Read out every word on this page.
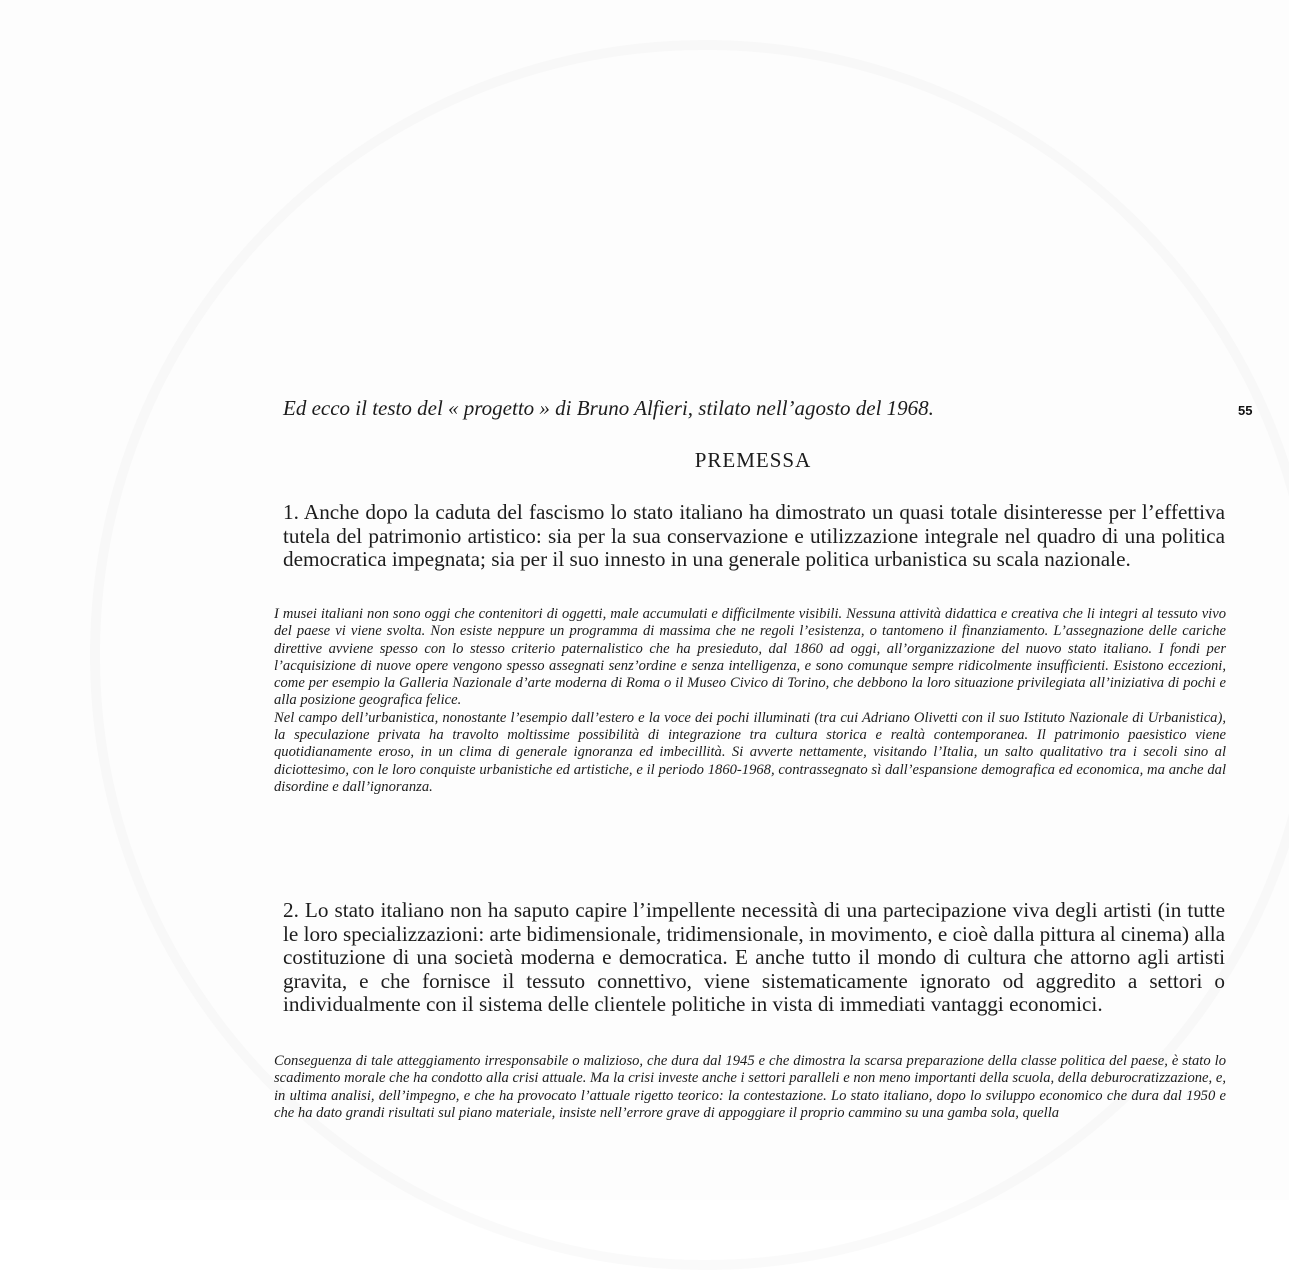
55
Ed ecco il testo del « progetto » di Bruno Alfieri, stilato nell’agosto del 1968.
PREMESSA

1. Anche dopo la caduta del fascismo lo stato italiano ha dimostrato un quasi totale disinteresse per l’effettiva tutela del patrimonio artistico: sia per la sua conservazione e utilizzazione integrale nel quadro di una politica democratica impegnata; sia per il suo innesto in una generale politica urbanistica su scala nazionale.

I musei italiani non sono oggi che contenitori di oggetti, male accumulati e difficilmente visibili. Nessuna attività didattica e creativa che li integri al tessuto vivo del paese vi viene svolta. Non esiste neppure un programma di massima che ne regoli l’esistenza, o tantomeno il finanziamento. L’assegnazione delle cariche direttive avviene spesso con lo stesso criterio paternalistico che ha presieduto, dal 1860 ad oggi, all’organizzazione del nuovo stato italiano. I fondi per l’acquisizione di nuove opere vengono spesso assegnati senz’ordine e senza intelligenza, e sono comunque sempre ridicolmente insufficienti. Esistono eccezioni, come per esempio la Galleria Nazionale d’arte moderna di Roma o il Museo Civico di Torino, che debbono la loro situazione privilegiata all’iniziativa di pochi e alla posizione geografica felice.

Nel campo dell’urbanistica, nonostante l’esempio dall’estero e la voce dei pochi illuminati (tra cui Adriano Olivetti con il suo Istituto Nazionale di Urbanistica), la speculazione privata ha travolto moltissime possibilità di integrazione tra cultura storica e realtà contemporanea. Il patrimonio paesistico viene quotidianamente eroso, in un clima di generale ignoranza ed imbecillità. Si avverte nettamente, visitando l’Italia, un salto qualitativo tra i secoli sino al diciottesimo, con le loro conquiste urbanistiche ed artistiche, e il periodo 1860-1968, contrassegnato sì dall’espansione demografica ed economica, ma anche dal disordine e dall’ignoranza.

2. Lo stato italiano non ha saputo capire l’impellente necessità di una partecipazione viva degli artisti (in tutte le loro specializzazioni: arte bidimensionale, tridimensionale, in movimento, e cioè dalla pittura al cinema) alla costituzione di una società moderna e democratica. E anche tutto il mondo di cultura che attorno agli artisti gravita, e che fornisce il tessuto connettivo, viene sistematicamente ignorato od aggredito a settori o individualmente con il sistema delle clientele politiche in vista di immediati vantaggi economici.

Conseguenza di tale atteggiamento irresponsabile o malizioso, che dura dal 1945 e che dimostra la scarsa preparazione della classe politica del paese, è stato lo scadimento morale che ha condotto alla crisi attuale. Ma la crisi investe anche i settori paralleli e non meno importanti della scuola, della deburocratizzazione, e, in ultima analisi, dell’impegno, e che ha provocato l’attuale rigetto teorico: la contestazione. Lo stato italiano, dopo lo sviluppo economico che dura dal 1950 e che ha dato grandi risultati sul piano materiale, insiste nell’errore grave di appoggiare il proprio cammino su una gamba sola, quella
